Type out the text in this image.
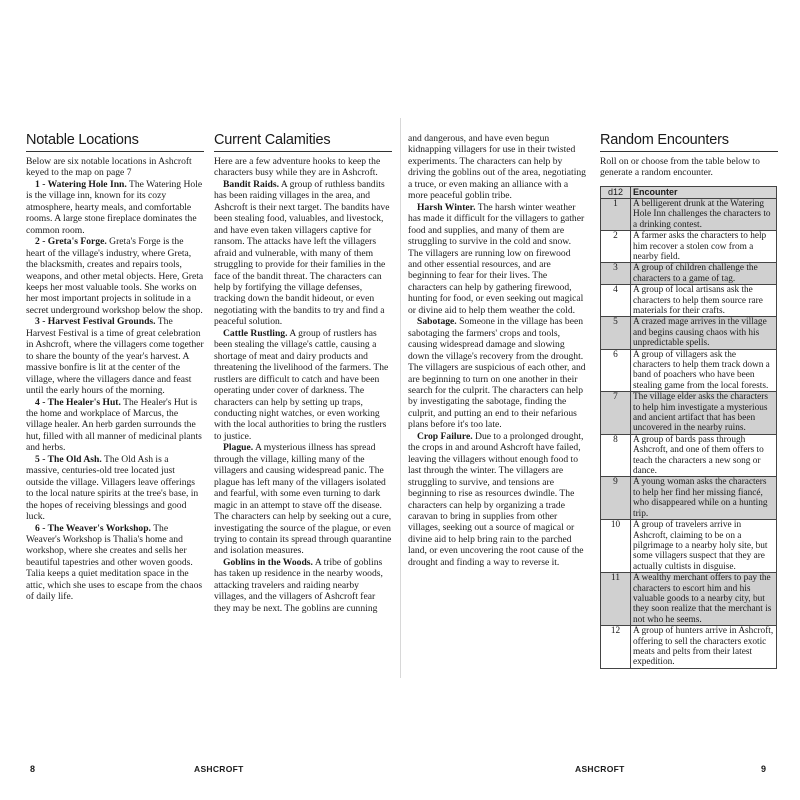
Notable Locations

Below are six notable locations in Ashcroft keyed to the map on page 7

1 - Watering Hole Inn. The Watering Hole is the village inn, known for its cozy atmosphere, hearty meals, and comfortable rooms. A large stone fireplace dominates the common room.

2 - Greta's Forge. Greta's Forge is the heart of the village's industry, where Greta, the blacksmith, creates and repairs tools, weapons, and other metal objects. Here, Greta keeps her most valuable tools. She works on her most important projects in solitude in a secret underground workshop below the shop.

3 - Harvest Festival Grounds. The Harvest Festival is a time of great celebration in Ashcroft, where the villagers come together to share the bounty of the year's harvest. A massive bonfire is lit at the center of the village, where the villagers dance and feast until the early hours of the morning.

4 - The Healer's Hut. The Healer's Hut is the home and workplace of Marcus, the village healer. An herb garden surrounds the hut, filled with all manner of medicinal plants and herbs.

5 - The Old Ash. The Old Ash is a massive, centuries-old tree located just outside the village. Villagers leave offerings to the local nature spirits at the tree's base, in the hopes of receiving blessings and good luck.

6 - The Weaver's Workshop. The Weaver's Workshop is Thalia's home and workshop, where she creates and sells her beautiful tapestries and other woven goods. Talia keeps a quiet meditation space in the attic, which she uses to escape from the chaos of daily life.

Current Calamities

Here are a few adventure hooks to keep the characters busy while they are in Ashcroft.

Bandit Raids. A group of ruthless bandits has been raiding villages in the area, and Ashcroft is their next target. The bandits have been stealing food, valuables, and livestock, and have even taken villagers captive for ransom. The attacks have left the villagers afraid and vulnerable, with many of them struggling to provide for their families in the face of the bandit threat. The characters can help by fortifying the village defenses, tracking down the bandit hideout, or even negotiating with the bandits to try and find a peaceful solution.

Cattle Rustling. A group of rustlers has been stealing the village's cattle, causing a shortage of meat and dairy products and threatening the livelihood of the farmers. The rustlers are difficult to catch and have been operating under cover of darkness. The characters can help by setting up traps, conducting night watches, or even working with the local authorities to bring the rustlers to justice.

Plague. A mysterious illness has spread through the village, killing many of the villagers and causing widespread panic. The plague has left many of the villagers isolated and fearful, with some even turning to dark magic in an attempt to stave off the disease. The characters can help by seeking out a cure, investigating the source of the plague, or even trying to contain its spread through quarantine and isolation measures.

Goblins in the Woods. A tribe of goblins has taken up residence in the nearby woods, attacking travelers and raiding nearby villages, and the villagers of Ashcroft fear they may be next. The goblins are cunning

8	ASHCROFT

and dangerous, and have even begun kidnapping villagers for use in their twisted experiments. The characters can help by driving the goblins out of the area, negotiating a truce, or even making an alliance with a more peaceful goblin tribe.

Harsh Winter. The harsh winter weather has made it difficult for the villagers to gather food and supplies, and many of them are struggling to survive in the cold and snow. The villagers are running low on firewood and other essential resources, and are beginning to fear for their lives. The characters can help by gathering firewood, hunting for food, or even seeking out magical or divine aid to help them weather the cold.

Sabotage. Someone in the village has been sabotaging the farmers' crops and tools, causing widespread damage and slowing down the village's recovery from the drought. The villagers are suspicious of each other, and are beginning to turn on one another in their search for the culprit. The characters can help by investigating the sabotage, finding the culprit, and putting an end to their nefarious plans before it's too late.

Crop Failure. Due to a prolonged drought, the crops in and around Ashcroft have failed, leaving the villagers without enough food to last through the winter. The villagers are struggling to survive, and tensions are beginning to rise as resources dwindle. The characters can help by organizing a trade caravan to bring in supplies from other villages, seeking out a source of magical or divine aid to help bring rain to the parched land, or even uncovering the root cause of the drought and finding a way to reverse it.

Random Encounters

Roll on or choose from the table below to generate a random encounter.

d12	Encounter
1	A belligerent drunk at the Watering Hole Inn challenges the characters to a drinking contest.
2	A farmer asks the characters to help him recover a stolen cow from a nearby field.
3	A group of children challenge the characters to a game of tag.
4	A group of local artisans ask the characters to help them source rare materials for their crafts.
5	A crazed mage arrives in the village and begins causing chaos with his unpredictable spells.
6	A group of villagers ask the characters to help them track down a band of poachers who have been stealing game from the local forests.
7	The village elder asks the characters to help him investigate a mysterious and ancient artifact that has been uncovered in the nearby ruins.
8	A group of bards pass through Ashcroft, and one of them offers to teach the characters a new song or dance.
9	A young woman asks the characters to help her find her missing fiancé, who disappeared while on a hunting trip.
10	A group of travelers arrive in Ashcroft, claiming to be on a pilgrimage to a nearby holy site, but some villagers suspect that they are actually cultists in disguise.
11	A wealthy merchant offers to pay the characters to escort him and his valuable goods to a nearby city, but they soon realize that the merchant is not who he seems.
12	A group of hunters arrive in Ashcroft, offering to sell the characters exotic meats and pelts from their latest expedition.
ASHCROFT	9
